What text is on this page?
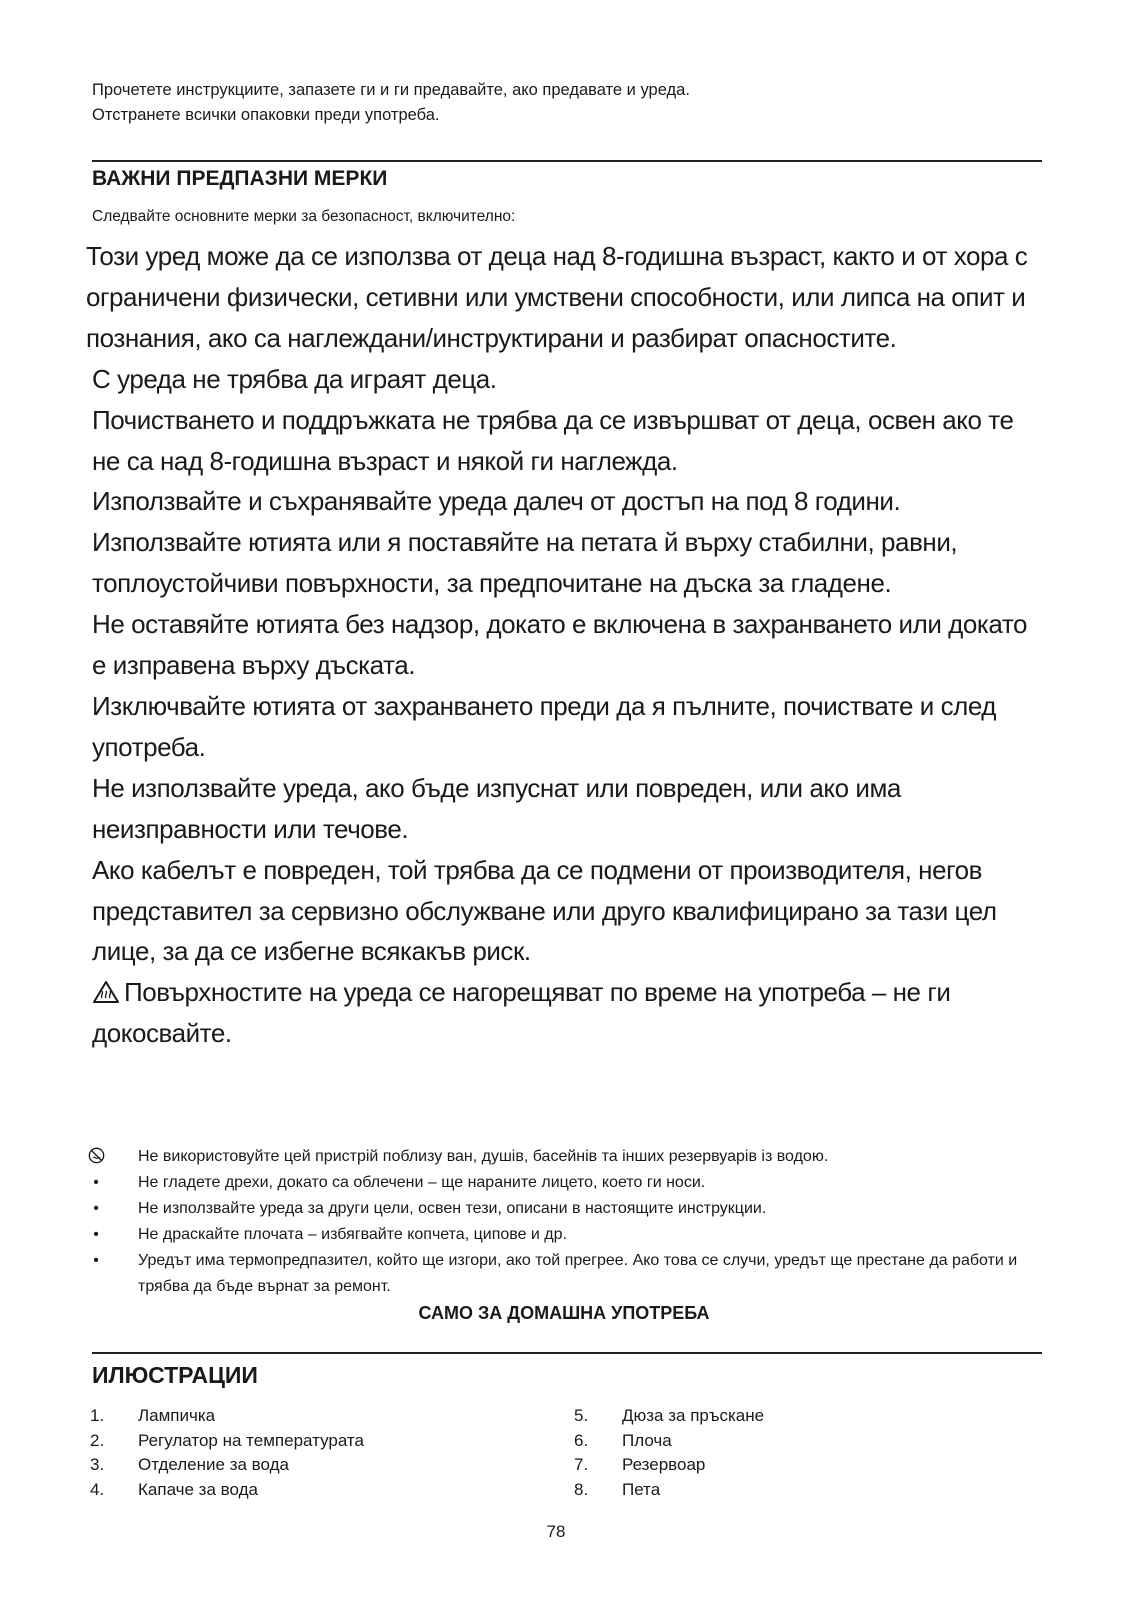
Прочетете инструкциите, запазете ги и ги предавайте, ако предавате и уреда.

Отстранете всички опаковки преди употреба.

ВАЖНИ ПРЕДПАЗНИ МЕРКИ

Следвайте основните мерки за безопасност, включително:

Този уред може да се използва от деца над 8-годишна възраст, както и от хора с ограничени физически, сетивни или умствени способности, или липса на опит и познания, ако са наглеждани/инструктирани и разбират опасностите.

С уреда не трябва да играят деца.

Почистването и поддръжката не трябва да се извършват от деца, освен ако те не са над 8-годишна възраст и някой ги наглежда.

Използвайте и съхранявайте уреда далеч от достъп на под 8 години.

Използвайте ютията или я поставяйте на петата й върху стабилни, равни, топлоустойчиви повърхности, за предпочитане на дъска за гладене.

Не оставяйте ютията без надзор, докато е включена в захранването или докато е изправена върху дъската.

Изключвайте ютията от захранването преди да я пълните, почиствате и след употреба.

Не използвайте уреда, ако бъде изпуснат или повреден, или ако има неизправности или течове.

Ако кабелът е повреден, той трябва да се подмени от производителя, негов представител за сервизно обслужване или друго квалифицирано за тази цел лице, за да се избегне всякакъв риск.

Повърхностите на уреда се нагорещяват по време на употреба – не ги докосвайте.

Не використовуйте цей пристрій поблизу ван, душів, басейнів та інших резервуарів із водою.
•	Не гладете дрехи, докато са облечени – ще нараните лицето, което ги носи.
•	Не използвайте уреда за други цели, освен тези, описани в настоящите инструкции.
•	Не драскайте плочата – избягвайте копчета, ципове и др.
•	Уредът има термопредпазител, който ще изгори, ако той прегрее. Ако това се случи, уредът ще престане да работи и трябва да бъде върнат за ремонт.

САМО ЗА ДОМАШНА УПОТРЕБА

ИЛЮСТРАЦИИ
1. Лампичка
2. Регулатор на температурата
3. Отделение за вода
4. Капаче за вода
5. Дюза за пръскане
6. Плоча
7. Резервоар
8. Пета

78
